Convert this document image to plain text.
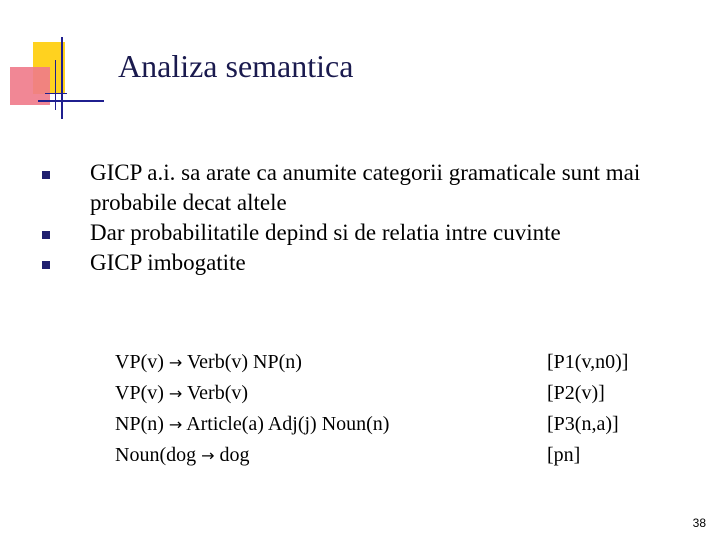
Analiza semantica
GICP a.i. sa arate ca anumite categorii gramaticale sunt mai probabile decat altele
Dar probabilitatile depind si de relatia intre cuvinte
GICP imbogatite
VP(v) → Verb(v) NP(n)	[P1(v,n0)]
VP(v) → Verb(v)	[P2(v)]
NP(n) → Article(a) Adj(j) Noun(n)	[P3(n,a)]
Noun(dog → dog	[pn]
38
